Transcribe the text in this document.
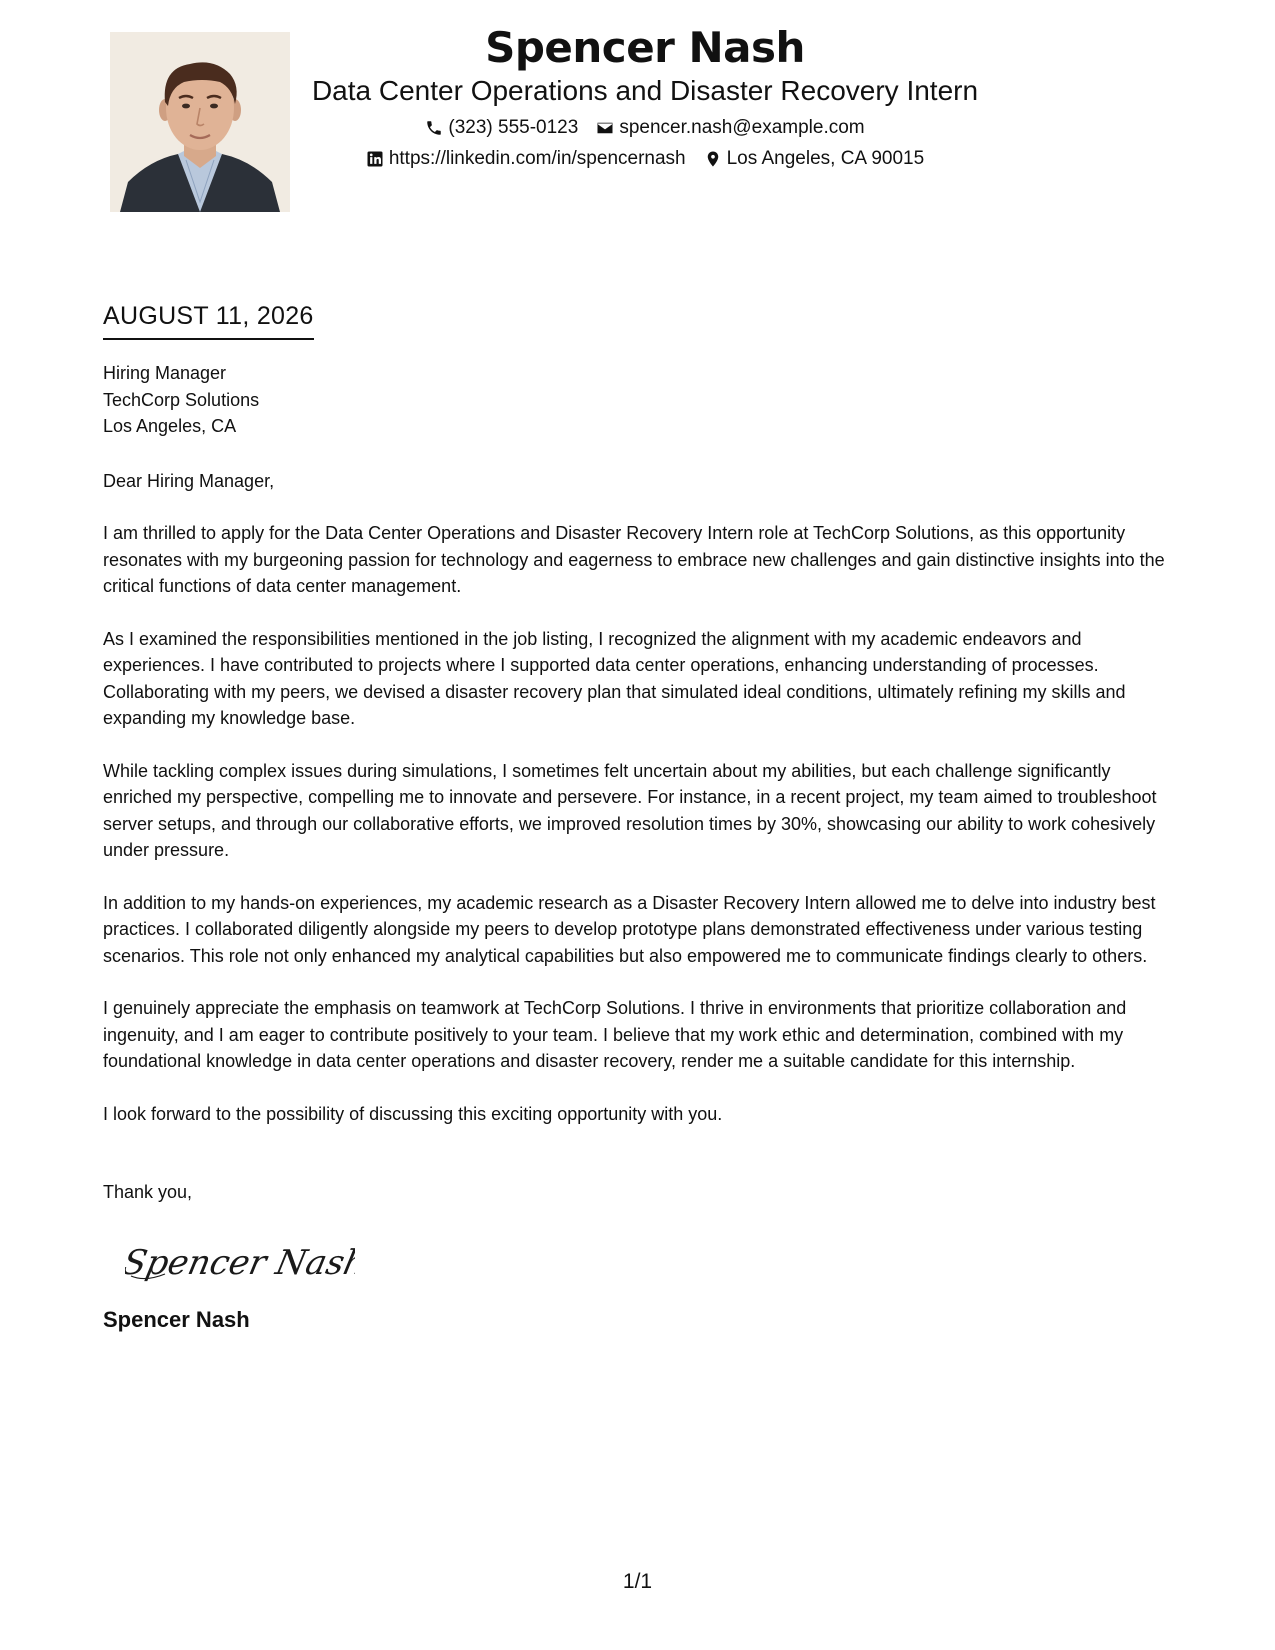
Spencer Nash
Data Center Operations and Disaster Recovery Intern
(323) 555-0123 spencer.nash@example.com
https://linkedin.com/in/spencernash Los Angeles, CA 90015
AUGUST 11, 2026
Hiring Manager
TechCorp Solutions
Los Angeles, CA
Dear Hiring Manager,
I am thrilled to apply for the Data Center Operations and Disaster Recovery Intern role at TechCorp Solutions, as this opportunity resonates with my burgeoning passion for technology and eagerness to embrace new challenges and gain distinctive insights into the critical functions of data center management.
As I examined the responsibilities mentioned in the job listing, I recognized the alignment with my academic endeavors and experiences. I have contributed to projects where I supported data center operations, enhancing understanding of processes. Collaborating with my peers, we devised a disaster recovery plan that simulated ideal conditions, ultimately refining my skills and expanding my knowledge base.
While tackling complex issues during simulations, I sometimes felt uncertain about my abilities, but each challenge significantly enriched my perspective, compelling me to innovate and persevere. For instance, in a recent project, my team aimed to troubleshoot server setups, and through our collaborative efforts, we improved resolution times by 30%, showcasing our ability to work cohesively under pressure.
In addition to my hands-on experiences, my academic research as a Disaster Recovery Intern allowed me to delve into industry best practices. I collaborated diligently alongside my peers to develop prototype plans demonstrated effectiveness under various testing scenarios. This role not only enhanced my analytical capabilities but also empowered me to communicate findings clearly to others.
I genuinely appreciate the emphasis on teamwork at TechCorp Solutions. I thrive in environments that prioritize collaboration and ingenuity, and I am eager to contribute positively to your team. I believe that my work ethic and determination, combined with my foundational knowledge in data center operations and disaster recovery, render me a suitable candidate for this internship.
I look forward to the possibility of discussing this exciting opportunity with you.
Thank you,
Spencer Nash
Spencer Nash
1/1
